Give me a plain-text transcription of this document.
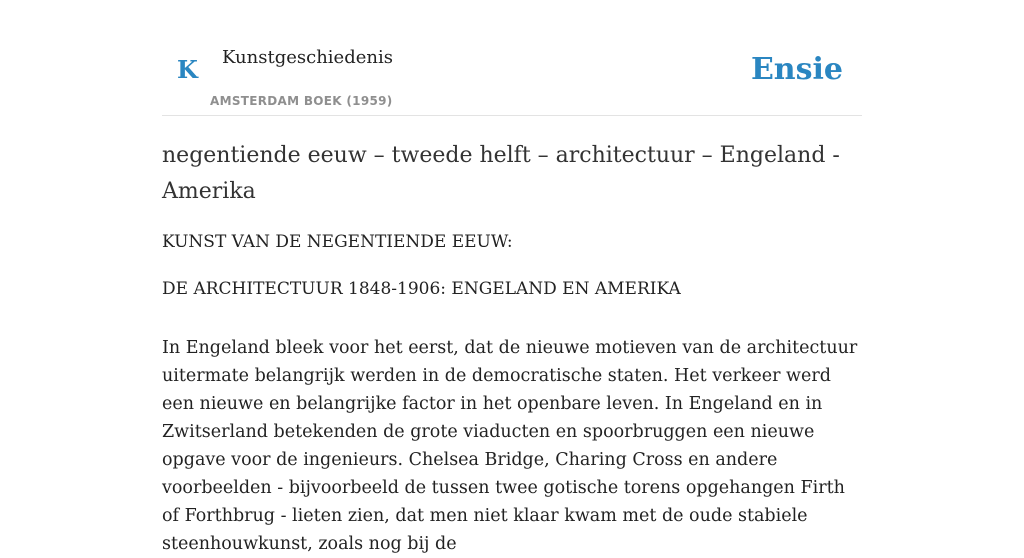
K Kunstgeschiedenis
AMSTERDAM BOEK (1959)
Ensie
negentiende eeuw – tweede helft – architectuur – Engeland - Amerika

KUNST VAN DE NEGENTIENDE EEUW:

DE ARCHITECTUUR 1848-1906: ENGELAND EN AMERIKA

In Engeland bleek voor het eerst, dat de nieuwe motieven van de architectuur uitermate belangrijk werden in de democratische staten. Het verkeer werd een nieuwe en belangrijke factor in het openbare leven. In Engeland en in Zwitserland betekenden de grote viaducten en spoorbruggen een nieuwe opgave voor de ingenieurs. Chelsea Bridge, Charing Cross en andere voorbeelden - bijvoorbeeld de tussen twee gotische torens opgehangen Firth of Forthbrug - lieten zien, dat men niet klaar kwam met de oude stabiele steenhouwkunst, zoals nog bij de
